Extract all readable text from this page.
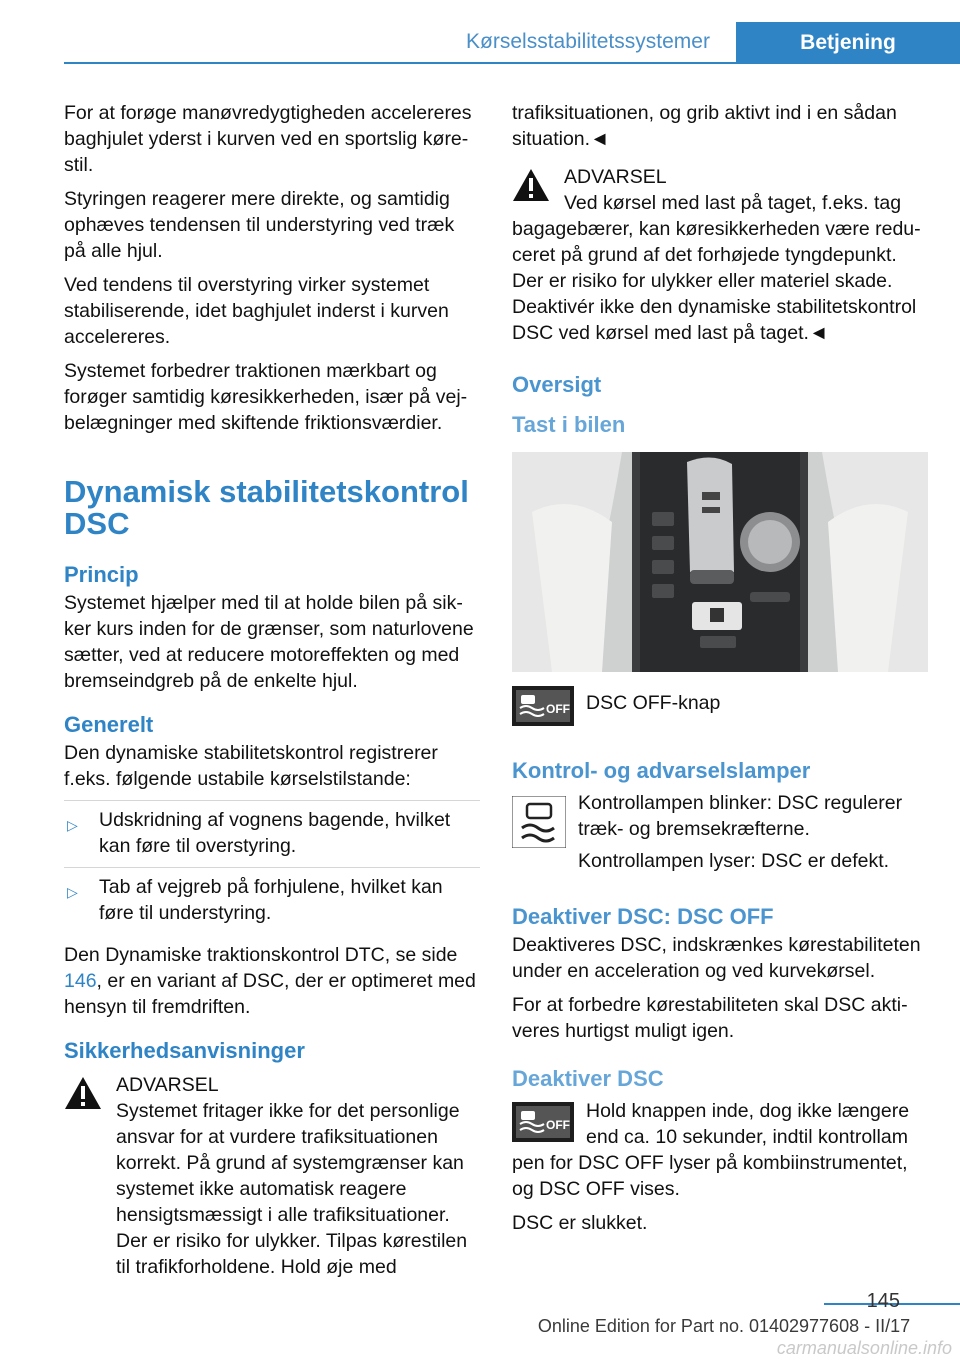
Kørselsstabilitetssystemer	Betjening

For at forøge manøvredygtigheden accelereres baghjulet yderst i kurven ved en sportslig kørestil.

Styringen reagerer mere direkte, og samtidig ophæves tendensen til understyring ved træk på alle hjul.

Ved tendens til overstyring virker systemet stabiliserende, idet baghjulet inderst i kurven accelereres.

Systemet forbedrer traktionen mærkbart og forøger samtidig køresikkerheden, især på vejbelægninger med skiftende friktionsværdier.

Dynamisk stabilitetskontrol
DSC
Princip

Systemet hjælper med til at holde bilen på sikker kurs inden for de grænser, som naturlovene sætter, ved at reducere motoreffekten og med bremseindgreb på de enkelte hjul.

Generelt

Den dynamiske stabilitetskontrol registrerer f.eks. følgende ustabile kørselstilstande:

▷ Udskridning af vognens bagende, hvilket kan føre til overstyring.
▷ Tab af vejgreb på forhjulene, hvilket kan føre til understyring.

Den Dynamiske traktionskontrol DTC, se side 146, er en variant af DSC, der er optimeret med hensyn til fremdriften.

Sikkerhedsanvisninger

ADVARSEL

Systemet fritager ikke for det personlige ansvar for at vurdere trafiksituationen korrekt. På grund af systemgrænser kan systemet ikke automatisk reagere hensigtsmæssigt i alle trafiksituationer. Der er risiko for ulykker. Tilpas kørestilen til trafikforholdene. Hold øje med

trafiksituationen, og grib aktivt ind i en sådan situation.◄

ADVARSEL

Ved kørsel med last på taget, f.eks. tag

bagagebærer, kan køresikkerheden være reduceret på grund af det forhøjede tyngdepunkt. Der er risiko for ulykker eller materiel skade. Deaktivér ikke den dynamiske stabilitetskontrol DSC ved kørsel med last på taget.◄

Oversigt
Tast i bilen
OFF DSC OFF-knap

Kontrol- og advarselslamper

Kontrollampen blinker: DSC regulerer træk- og bremsekræfterne.

Kontrollampen lyser: DSC er defekt.

Deaktiver DSC: DSC OFF

Deaktiveres DSC, indskrænkes kørestabiliteten under en acceleration og ved kurvekørsel.

For at forbedre kørestabiliteten skal DSC aktiveres hurtigst muligt igen.

Deaktiver DSC
OFF

Hold knappen inde, dog ikke længere end ca. 10 sekunder, indtil kontrollam

pen for DSC OFF lyser på kombiinstrumentet, og DSC OFF vises.

DSC er slukket.

145
Online Edition for Part no. 01402977608 - II/17
carmanualsonline.info
